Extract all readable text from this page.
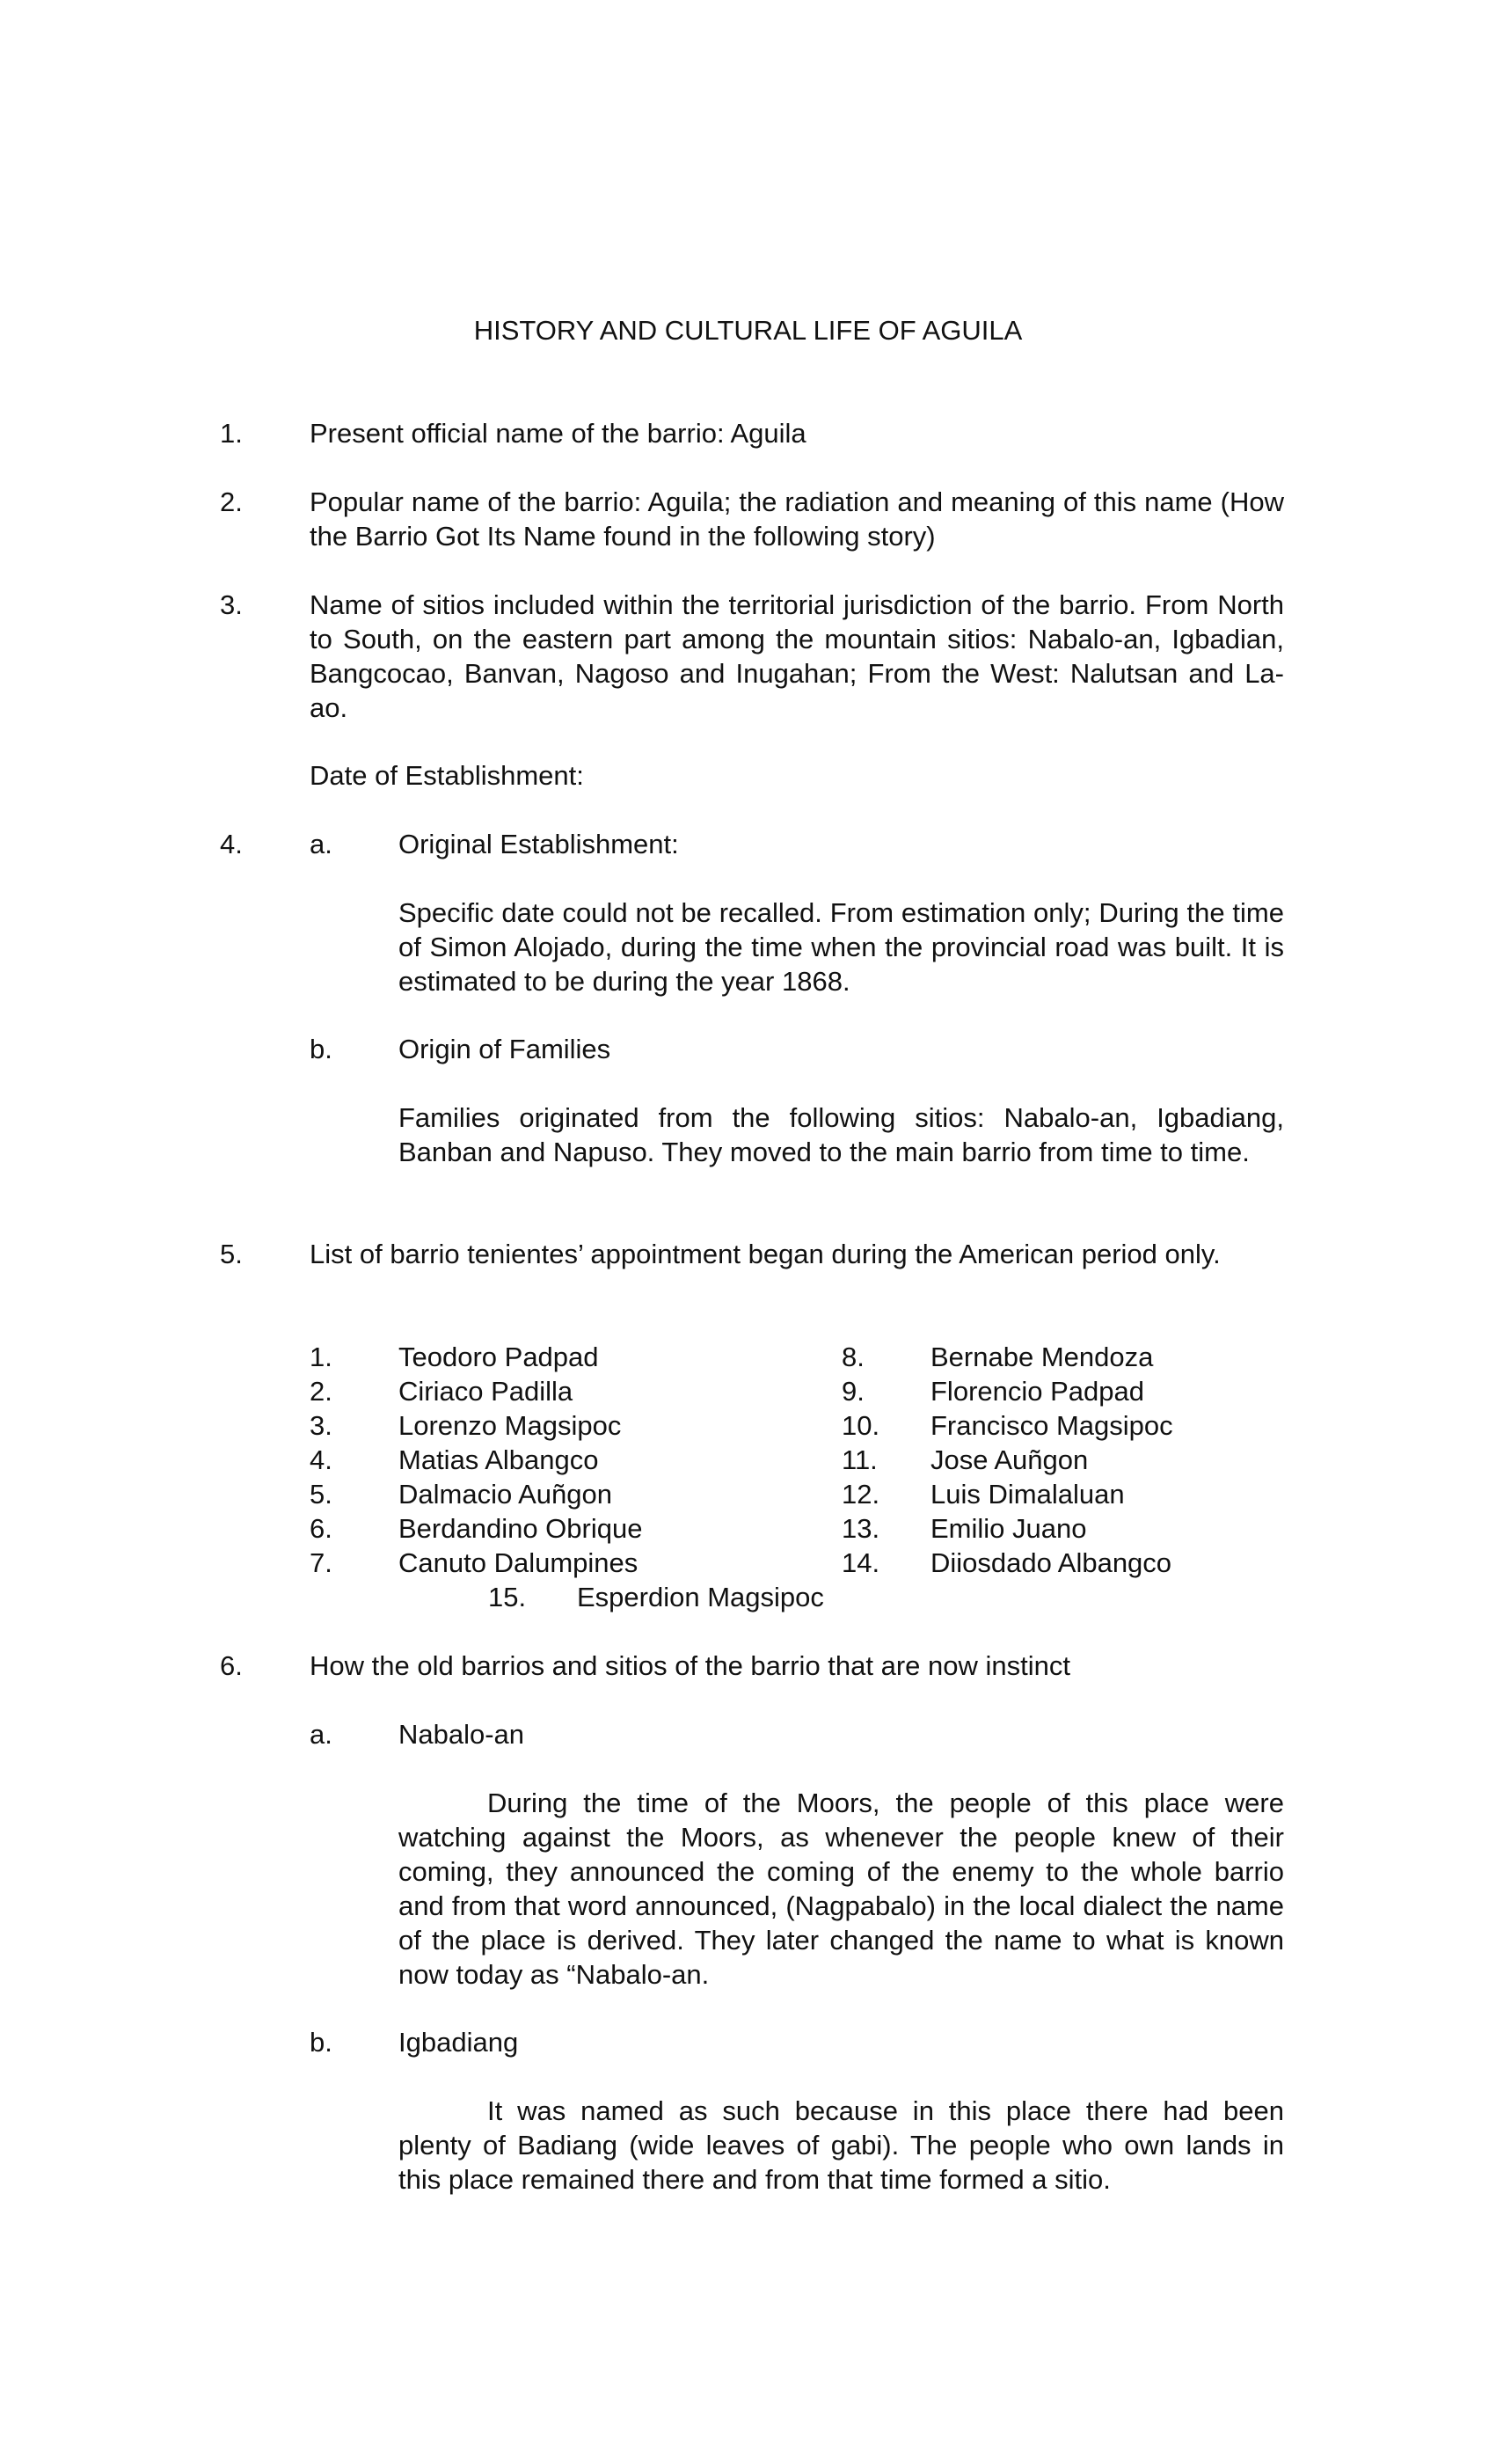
HISTORY AND CULTURAL LIFE OF AGUILA
1. Present official name of the barrio: Aguila
2. Popular name of the barrio: Aguila; the radiation and meaning of this name (How the Barrio Got Its Name found in the following story)
3. Name of sitios included within the territorial jurisdiction of the barrio. From North to South, on the eastern part among the mountain sitios: Nabalo-an, Igbadian, Bangcocao, Banvan, Nagoso and Inugahan; From the West: Nalutsan and La-ao.
Date of Establishment:
4. a. Original Establishment:
Specific date could not be recalled. From estimation only; During the time of Simon Alojado, during the time when the provincial road was built. It is estimated to be during the year 1868.
b. Origin of Families
Families originated from the following sitios: Nabalo-an, Igbadiang, Banban and Napuso. They moved to the main barrio from time to time.
5. List of barrio tenientes’ appointment began during the American period only.
1. Teodoro Padpad
2. Ciriaco Padilla
3. Lorenzo Magsipoc
4. Matias Albangco
5. Dalmacio Auñgon
6. Berdandino Obrique
7. Canuto Dalumpines
8. Bernabe Mendoza
9. Florencio Padpad
10. Francisco Magsipoc
11. Jose Auñgon
12. Luis Dimalaluan
13. Emilio Juano
14. Diiosdado Albangco
15. Esperdion Magsipoc
6. How the old barrios and sitios of the barrio that are now instinct
a. Nabalo-an
During the time of the Moors, the people of this place were watching against the Moors, as whenever the people knew of their coming, they announced the coming of the enemy to the whole barrio and from that word announced, (Nagpabalo) in the local dialect the name of the place is derived. They later changed the name to what is known now today as “Nabalo-an.
b. Igbadiang
It was named as such because in this place there had been plenty of Badiang (wide leaves of gabi). The people who own lands in this place remained there and from that time formed a sitio.
